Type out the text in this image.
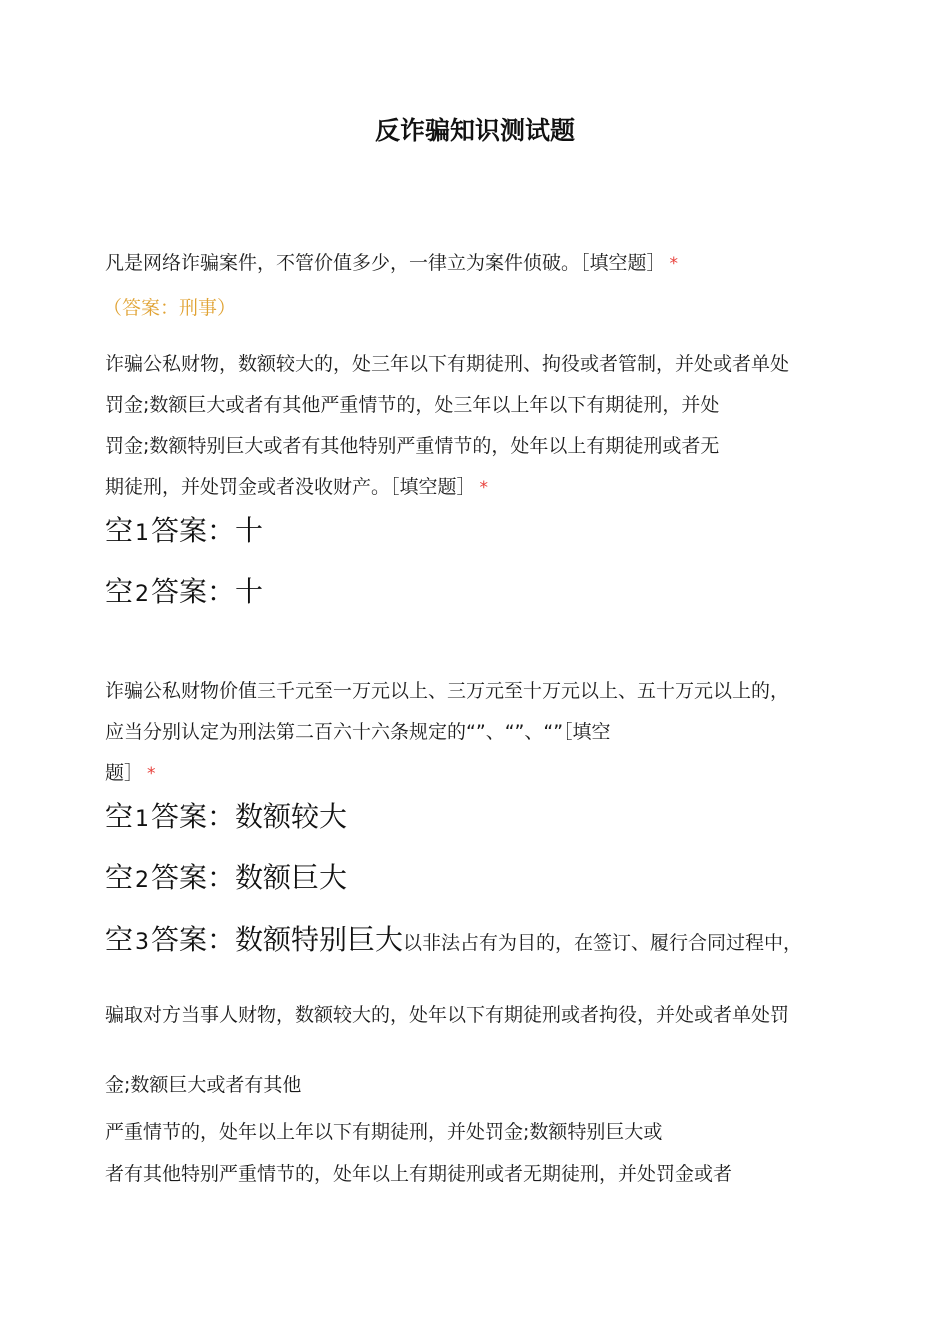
反诈骗知识测试题
凡是网络诈骗案件，不管价值多少，一律立为案件侦破。［填空题］ *
（答案：刑事）
诈骗公私财物，数额较大的，处三年以下有期徒刑、拘役或者管制，并处或者单处
罚金;数额巨大或者有其他严重情节的，处三年以上年以下有期徒刑，并处
罚金;数额特别巨大或者有其他特别严重情节的，处年以上有期徒刑或者无
期徒刑，并处罚金或者没收财产。［填空题］ *
空1答案：十
空2答案：十
诈骗公私财物价值三千元至一万元以上、三万元至十万元以上、五十万元以上的，
应当分别认定为刑法第二百六十六条规定的“”、“”、“”［填空
题］ *
空1答案：数额较大
空2答案：数额巨大
空3答案：数额特别巨大以非法占有为目的，在签订、履行合同过程中，
骗取对方当事人财物，数额较大的，处年以下有期徒刑或者拘役，并处或者单处罚
金;数额巨大或者有其他
严重情节的，处年以上年以下有期徒刑，并处罚金;数额特别巨大或
者有其他特别严重情节的，处年以上有期徒刑或者无期徒刑，并处罚金或者
